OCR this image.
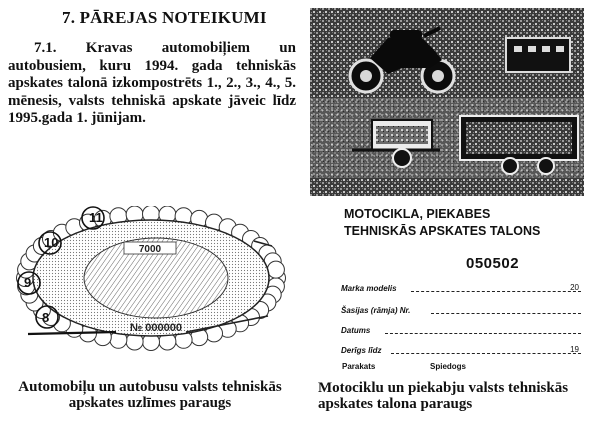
7. PĀREJAS NOTEIKUMI

7.1. Kravas automobiļiem un autobusiem, kuru 1994. gada tehniskās apskates talonā izkompostrēts 1., 2., 3., 4., 5. mēnesis, valsts tehniskā apskate jāveic līdz 1995.gada 1. jūnijam.

7000
11
10
9
8
№ 000000

Automobiļu un autobusu valsts tehniskās apskates uzlīmes paraugs

MOTOCIKLA, PIEKABES
TEHNISKĀS APSKATES TALONS

050502
Marka modelis	20
Šasijas (rāmja) Nr.
Datums
Derīgs līdz	19
Parakats	Spiedogs

Motociklu un piekabju valsts tehniskās apskates talona paraugs
